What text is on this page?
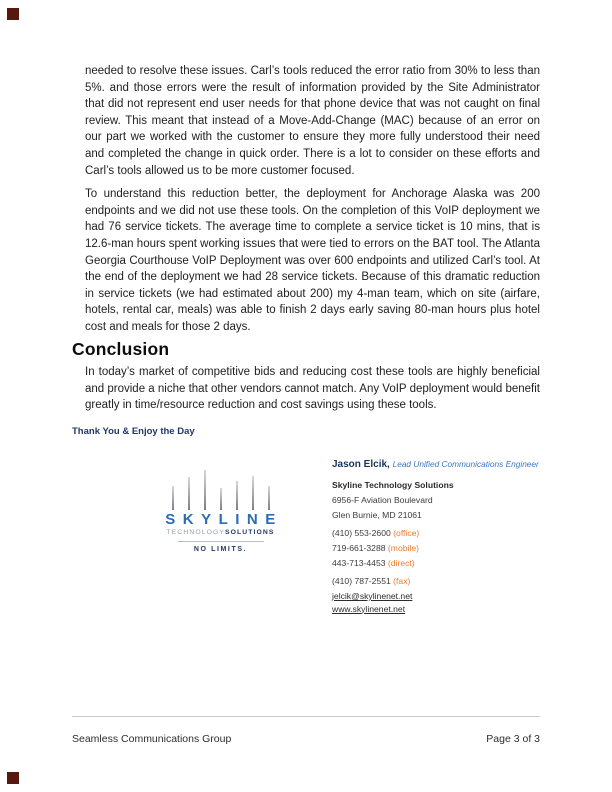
needed to resolve these issues. Carl’s tools reduced the error ratio from 30% to less than 5%. and those errors were the result of information provided by the Site Administrator that did not represent end user needs for that phone device that was not caught on final review. This meant that instead of a Move-Add-Change (MAC) because of an error on our part we worked with the customer to ensure they more fully understood their need and completed the change in quick order. There is a lot to consider on these efforts and Carl’s tools allowed us to be more customer focused.

To understand this reduction better, the deployment for Anchorage Alaska was 200 endpoints and we did not use these tools. On the completion of this VoIP deployment we had 76 service tickets. The average time to complete a service ticket is 10 mins, that is 12.6-man hours spent working issues that were tied to errors on the BAT tool. The Atlanta Georgia Courthouse VoIP Deployment was over 600 endpoints and utilized Carl’s tool. At the end of the deployment we had 28 service tickets. Because of this dramatic reduction in service tickets (we had estimated about 200) my 4-man team, which on site (airfare, hotels, rental car, meals) was able to finish 2 days early saving 80-man hours plus hotel cost and meals for those 2 days.

Conclusion
In today’s market of competitive bids and reducing cost these tools are highly beneficial and provide a niche that other vendors cannot match. Any VoIP deployment would benefit greatly in time/resource reduction and cost savings using these tools.
Thank You & Enjoy the Day
SKYLINE
TECHNOLOGYSOLUTIONS
NO LIMITS.
Jason Elcik, Lead Unified Communications Engineer
Skyline Technology Solutions
6956-F Aviation Boulevard
Glen Burnie, MD 21061
(410) 553-2600 (office)
719-661-3288 (mobile)
443-713-4453 (direct)
(410) 787-2551 (fax)
jelcik@skylinenet.net
www.skylinenet.net
Seamless Communications Group	Page 3 of 3
